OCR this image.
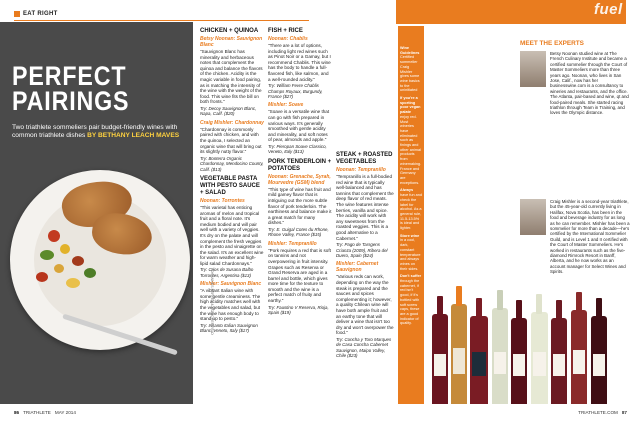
EAT RIGHT
PERFECT
PAIRINGS
Two triathlete sommeliers pair budget-friendly wines with common triathlete dishes BY BETHANY LEACH MAVES

CHICKEN + QUINOA

Betsy Noonan: Sauvignon Blanc

"Sauvignon Blanc has minerality and herbaceous notes that complement the quinoa and balance the flavors of the chicken. Acidity is the magic variable in food pairing, as is matching the intensity of the wine with the weight of the food. This wine fits the bill on both fronts."

Try: Decoy Sauvignon Blanc, Napa, Calif. ($20)

Craig Mishler: Chardonnay

"Chardonnay is commonly paired with chicken, and with the quinoa, I selected an organic wine that will bring out its slightly nutty flavor."

Try: Bonterra Organic Chardonnay, Mendocino County, Calif. ($13)

VEGETABLE PASTA WITH PESTO SAUCE + SALAD

Noonan: Torrontes

"This varietal has enticing aromas of melon and tropical fruit and a floral note. It's medium bodied and will pair well with a variety of veggies. It's dry on the palate and will complement the fresh veggies in the pesto and vinaigrette on the salad. It's an excellent wine for warm weather and high-lipid salad Chardonnays."

Try: Crios de Susana Balbo Torrontes, Argentina ($13)

Mishler: Sauvignon Blanc

"A vibrant Italian wine with some gentle creaminess. The high acidity matches well with the vegetables and salad, but the wine has enough body to stand up to pesto."

Try: Insanto Italian Sauvignon Blanc, Veneto, Italy ($17)

JOHANNES BERTEL & GOOCHERVISIO

FISH + RICE

Noonan: Chablis

"There are a lot of options, including light red wines such as Pinot Noir or a Gamay, but I recommend Chablis. This wine has the body to handle a full-flavored fish, like salmon, and a well-rounded acidity."

Try: William Fevre Chablis Champs Royaux, Burgundy, France ($27)

Mishler: Soave

"Soave is a versatile wine that can go with fish prepared in various ways. It's generally smoothed with gentle acidity and minerality, and soft notes of pear, almonds and apple."

Try: Pieropan Soave Classico, Veneto, Italy ($13)

PORK TENDERLOIN + POTATOES

Noonan: Grenache, Syrah, Mourvedre (GSM) blend

"This type of wine has fruit and mild gamey flavor that is intriguing out the more subtle flavor of pork tenderloin. The earthiness and balance make it a great match for many dishes."

Try: E. Guigal Cotes du Rhone, Rhone Valley, France ($15)

Mishler: Tempranillo

"Pork requires a red that is soft on tannins and not overpowering in fruit intensity. Grapes such as Reserva or Grand Reserva are aged in a barrel and bottle, which gives more time for the texture to smooth and the wine is a perfect match of fruity and earthy."

Try: Faustino V Reserva, Rioja, Spain ($19)

STEAK + ROASTED VEGETABLES

Noonan: Tempranillo

"Tempranillo is a full-bodied red wine that is typically well-balanced and has tannins that complement the deep flavor of red meats. The wine features intense berries, vanilla and spice. The acidity will work with any sweetness from the roasted veggies. This is a good alternative to a Cabernet."

Try: Pago de Tarsgens Crianza (2009), Ribera del Duero, Spain ($24)

Mishler: Cabernet Sauvignon

"Various reds can work, depending on the way the steak is prepared and the sauces and spices complementing it; however, a quality Chilean wine will have both ample fruit and an earthy tone that will deliver a wine that isn't too dry and won't overpower the food."

Try: Concha y Toro Marques de Casa Concha Cabernet Sauvignon, Maipo Valley, Chile ($23)

fuel
Wine Guidelines
Certified sommelier Craig Mishler gives some wine basics to the uninitiated
If you're a sporting poor vegan palate
enjoy red. Most wineries have eliminated such as finings and other animal products from winemaking. France and Germany are exceptions.
Always
have fun and check the label for alcohol. As a general rule, 11.5-13.5% is ideal and lighter.
Store wine
in a cool, dark, constant temperature and always wines on their sides.
Don't suffer
through the cabernet, if red isn't good, if it's bottled with soft screw caps, these are a good indicator of quality.
MEET THE EXPERTS
Betsy Noonan studied wine at The French Culinary Institute and became a certified sommelier through the Court of Master Sommeliers more than three years ago. Noonan, who lives in San Jose, Calif., now has her businesswine.com is a consultancy to wineries and restaurants, and the office. The Atlanta, pair-based and wine, qt and food-paired meals. She started racing triathlon through Team in Training, and loves the Olympic distance.
Craig Mishler is a second-year triathlete, but the 45-year-old currently living in Halifax, Nova Scotia, has been in the food and beverage industry for as long as he can remember. Mishler has been a sommelier for more than a decade—he's certified by the International Sommelier Guild, and is Level 1 and II certified with the Court of Master Sommeliers. He's worked in restaurants such as the five-diamond Rimrock Resort in Banff, Alberta, and he now works as an account manager for Select Wines and Spirits.
86 TRIATHLETE MAY 2014	TRIATHLETE.COM 87
